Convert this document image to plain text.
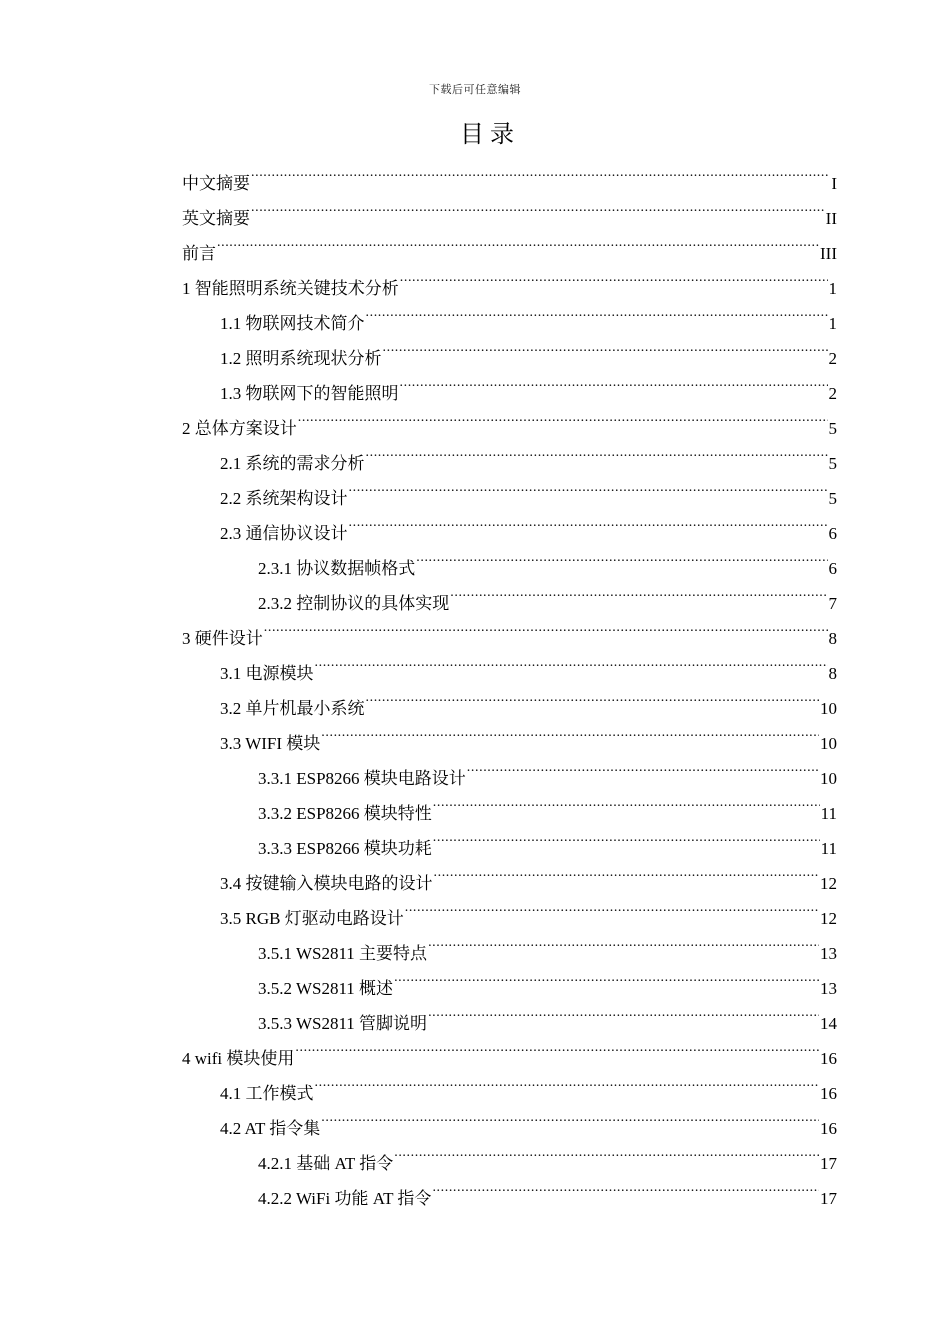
下载后可任意编辑
目录
中文摘要 .....	I
英文摘要 .....	II
前言 .....	III
1 智能照明系统关键技术分析 .....	1
1.1 物联网技术简介 .....	1
1.2 照明系统现状分析 .....	2
1.3 物联网下的智能照明 .....	2
2 总体方案设计 .....	5
2.1 系统的需求分析 .....	5
2.2 系统架构设计 .....	5
2.3 通信协议设计 .....	6
2.3.1 协议数据帧格式 .....	6
2.3.2 控制协议的具体实现 .....	7
3 硬件设计 .....	8
3.1 电源模块 .....	8
3.2 单片机最小系统 .....	10
3.3 WIFI 模块 .....	10
3.3.1 ESP8266 模块电路设计 .....	10
3.3.2 ESP8266 模块特性 .....	11
3.3.3 ESP8266 模块功耗 .....	11
3.4 按键输入模块电路的设计 .....	12
3.5 RGB 灯驱动电路设计 .....	12
3.5.1 WS2811 主要特点 .....	13
3.5.2 WS2811 概述 .....	13
3.5.3 WS2811 管脚说明 .....	14
4 wifi 模块使用 .....	16
4.1 工作模式 .....	16
4.2 AT 指令集 .....	16
4.2.1 基础 AT 指令 .....	17
4.2.2 WiFi 功能 AT 指令 .....	17
